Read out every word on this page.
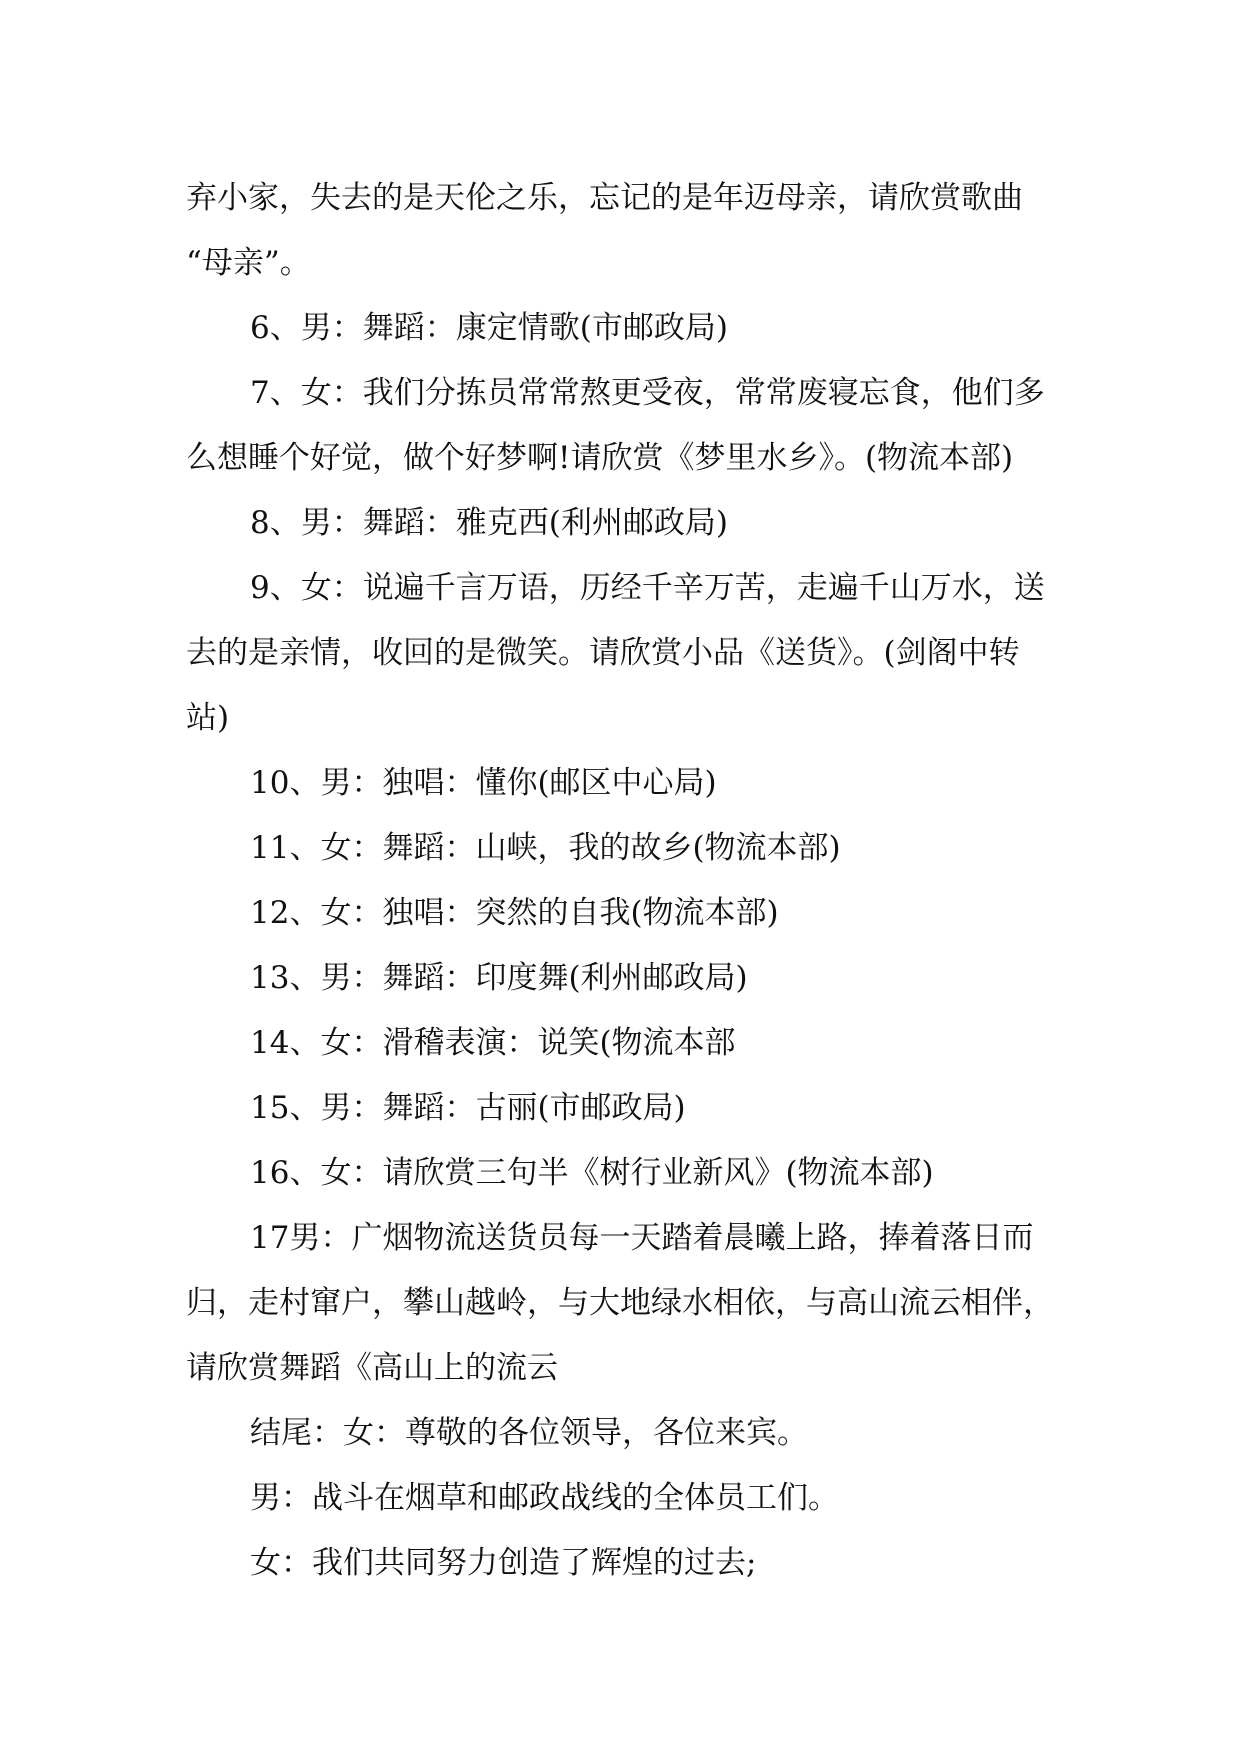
弃小家，失去的是天伦之乐，忘记的是年迈母亲，请欣赏歌曲
“母亲”。
6、男：舞蹈：康定情歌(市邮政局)
7、女：我们分拣员常常熬更受夜，常常废寝忘食，他们多
么想睡个好觉，做个好梦啊!请欣赏《梦里水乡》。(物流本部)
8、男：舞蹈：雅克西(利州邮政局)
9、女：说遍千言万语，历经千辛万苦，走遍千山万水，送
去的是亲情，收回的是微笑。请欣赏小品《送货》。(剑阁中转
站)
10、男：独唱：懂你(邮区中心局)
11、女：舞蹈：山峡，我的故乡(物流本部)
12、女：独唱：突然的自我(物流本部)
13、男：舞蹈：印度舞(利州邮政局)
14、女：滑稽表演：说笑(物流本部
15、男：舞蹈：古丽(市邮政局)
16、女：请欣赏三句半《树行业新风》(物流本部)
17男：广烟物流送货员每一天踏着晨曦上路，捧着落日而
归，走村窜户，攀山越岭，与大地绿水相依，与高山流云相伴，
请欣赏舞蹈《高山上的流云
结尾：女：尊敬的各位领导，各位来宾。
男：战斗在烟草和邮政战线的全体员工们。
女：我们共同努力创造了辉煌的过去;
